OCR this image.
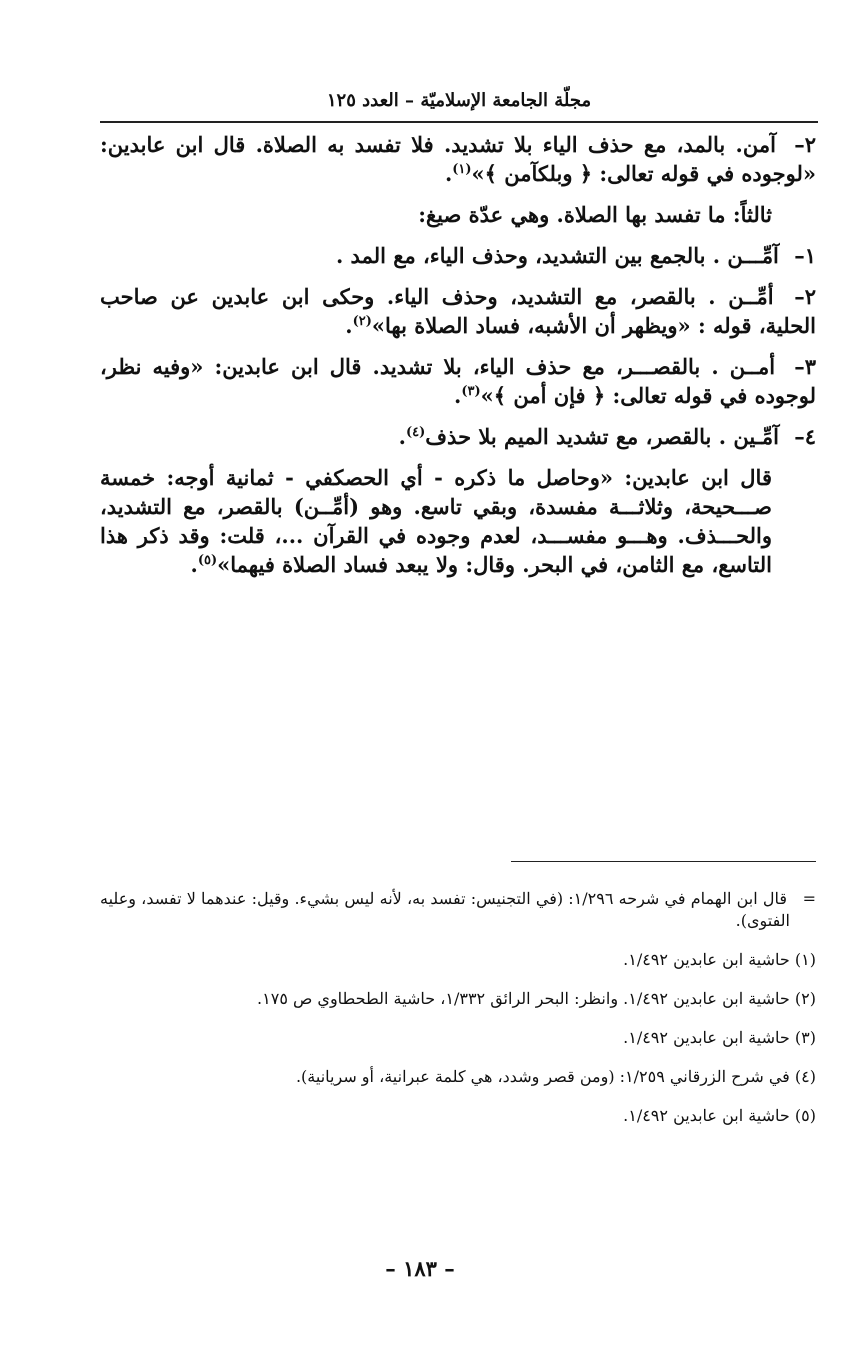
مجلّة الجامعة الإسلاميّة – العدد ١٢٥

٢– آمن. بالمد، مع حذف الياء بلا تشديد. فلا تفسد به الصلاة. قال ابن عابدين: «لوجوده في قوله تعالى: ﴿ وبلكآمن ﴾»$^{(١)}$.

ثالثاً: ما تفسد بها الصلاة. وهي عدّة صيغ:

١– آمِّـــن . بالجمع بين التشديد، وحذف الياء، مع المد .

٢– أمِّــن . بالقصر، مع التشديد، وحذف الياء. وحكى ابن عابدين عن صاحب الحلية، قوله : «ويظهر أن الأشبه، فساد الصلاة بها»$^{(٢)}$.

٣– أمــن . بالقصـــر، مع حذف الياء، بلا تشديد. قال ابن عابدين: «وفيه نظر، لوجوده في قوله تعالى: ﴿ فإن أمن ﴾»$^{(٣)}$.

٤– آمِّـين . بالقصر، مع تشديد الميم بلا حذف$^{(٤)}$.

قال ابن عابدين: «وحاصل ما ذكره - أي الحصكفي - ثمانية أوجه: خمسة صـــحيحة، وثلاثـــة مفسدة، وبقي تاسع. وهو (أمِّــن) بالقصر، مع التشديد، والحـــذف. وهـــو مفســـد، لعدم وجوده في القرآن ...، قلت: وقد ذكر هذا التاسع، مع الثامن، في البحر. وقال: ولا يبعد فساد الصلاة فيهما»$^{(٥)}$.

=   قال ابن الهمام في شرحه ١/٢٩٦: (في التجنيس: تفسد به، لأنه ليس بشيء. وقيل: عندهما لا تفسد، وعليه الفتوى).

(١) حاشية ابن عابدين ١/٤٩٢.

(٢) حاشية ابن عابدين ١/٤٩٢. وانظر: البحر الرائق ١/٣٣٢، حاشية الطحطاوي ص ١٧٥.

(٣) حاشية ابن عابدين ١/٤٩٢.

(٤) في شرح الزرقاني ١/٢٥٩: (ومن قصر وشدد، هي كلمة عبرانية، أو سريانية).

(٥) حاشية ابن عابدين ١/٤٩٢.

– ١٨٣ –
